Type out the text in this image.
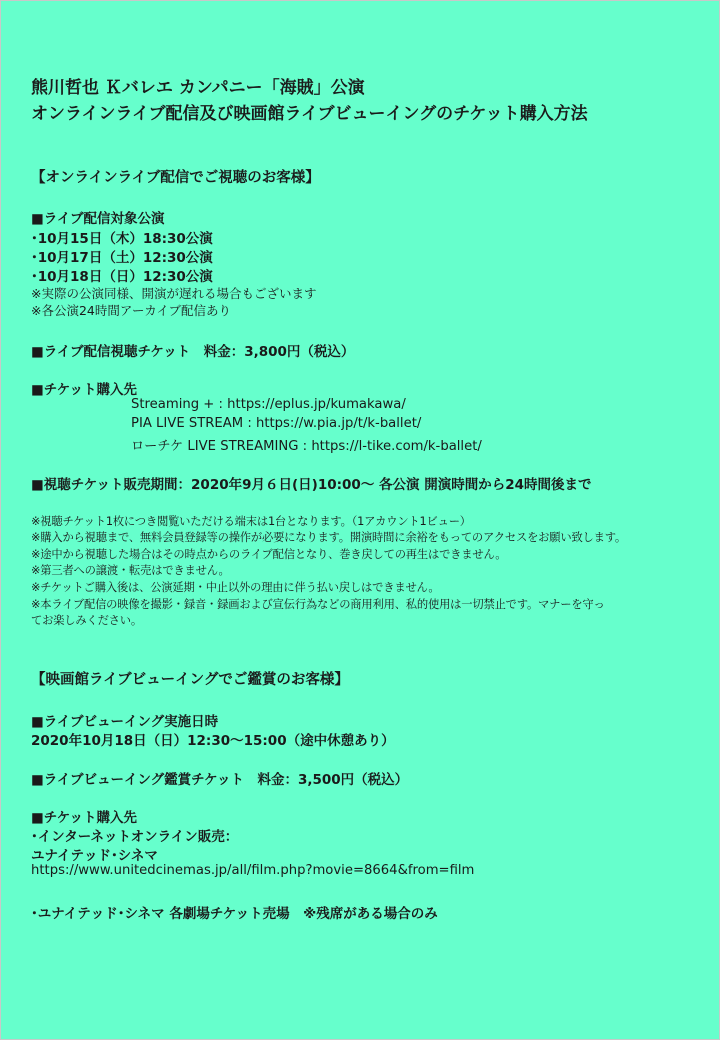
熊川哲也 Ｋバレエ カンパニー「海賊」公演
オンラインライブ配信及び映画館ライブビューイングのチケット購入方法
【オンラインライブ配信でご視聴のお客様】
■ライブ配信対象公演
･10月15日（木）18:30公演
･10月17日（土）12:30公演
･10月18日（日）12:30公演
※実際の公演同様、開演が遅れる場合もございます
※各公演24時間アーカイブ配信あり
■ライブ配信視聴チケット　料金：3,800円（税込）
■チケット購入先
Streaming + : https://eplus.jp/kumakawa/
PIA LIVE STREAM : https://w.pia.jp/t/k-ballet/
ローチケ LIVE STREAMING : https://l-tike.com/k-ballet/
■視聴チケット販売期間：2020年9月６日(日)10:00～ 各公演 開演時間から24時間後まで
※視聴チケット1枚につき閲覧いただける端末は1台となります。（1アカウント1ビュー）
※購入から視聴まで、無料会員登録等の操作が必要になります。開演時間に余裕をもってのアクセスをお願い致します。
※途中から視聴した場合はその時点からのライブ配信となり、巻き戻しての再生はできません。
※第三者への譲渡・転売はできません。
※チケットご購入後は、公演延期・中止以外の理由に伴う払い戻しはできません。
※本ライブ配信の映像を撮影・録音・録画および宣伝行為などの商用利用、私的使用は一切禁止です。マナーを守っ
てお楽しみください。
【映画館ライブビューイングでご鑑賞のお客様】
■ライブビューイング実施日時
2020年10月18日（日）12:30～15:00（途中休憩あり）
■ライブビューイング鑑賞チケット　料金：3,500円（税込）
■チケット購入先
･インターネットオンライン販売：
ユナイテッド･シネマ
https://www.unitedcinemas.jp/all/film.php?movie=8664&from=film
･ユナイテッド･シネマ 各劇場チケット売場　※残席がある場合のみ
